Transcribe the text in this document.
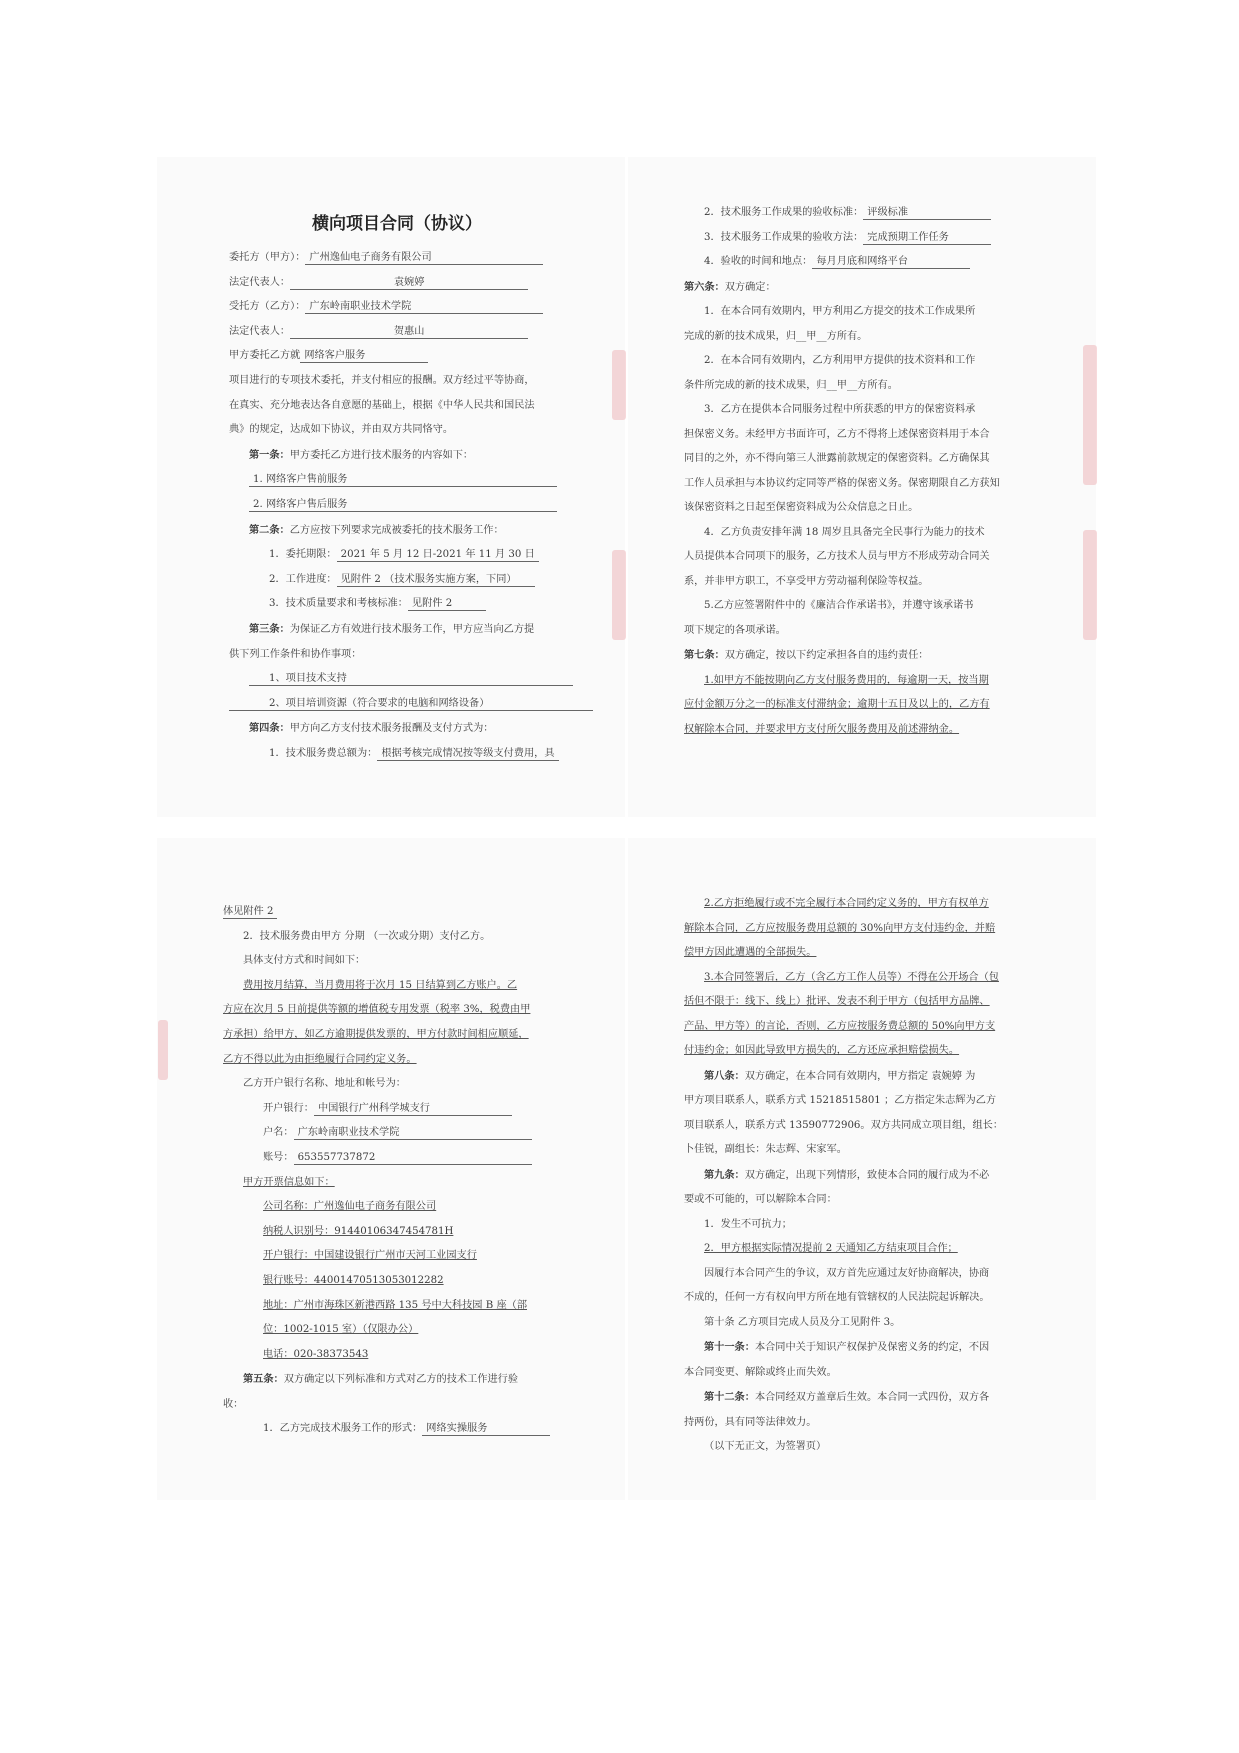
横向项目合同（协议）
委托方（甲方）： 广州逸仙电子商务有限公司
法定代表人：	袁婉婷
受托方（乙方）： 广东岭南职业技术学院
法定代表人：	贺惠山
甲方委托乙方就 网络客户服务
项目进行的专项技术委托，并支付相应的报酬。双方经过平等协商，
在真实、充分地表达各自意愿的基础上，根据《中华人民共和国民法
典》的规定，达成如下协议，并由双方共同恪守。
第一条：甲方委托乙方进行技术服务的内容如下：
1. 网络客户售前服务
2. 网络客户售后服务
第二条：乙方应按下列要求完成被委托的技术服务工作：
1．委托期限： 2021 年 5 月 12 日-2021 年 11 月 30 日
2．工作进度： 见附件 2 （技术服务实施方案，下同）
3．技术质量要求和考核标准： 见附件 2
第三条：为保证乙方有效进行技术服务工作，甲方应当向乙方提
供下列工作条件和协作事项：
1、项目技术支持
2、项目培训资源（符合要求的电脑和网络设备）
第四条：甲方向乙方支付技术服务报酬及支付方式为：
1．技术服务费总额为： 根据考核完成情况按等级支付费用，具
2．技术服务工作成果的验收标准： 评级标准
3．技术服务工作成果的验收方法： 完成预期工作任务
4．验收的时间和地点： 每月月底和网络平台
第六条：双方确定：
1．在本合同有效期内，甲方利用乙方提交的技术工作成果所
完成的新的技术成果，归__甲__方所有。
2．在本合同有效期内，乙方利用甲方提供的技术资料和工作
条件所完成的新的技术成果，归__甲__方所有。
3．乙方在提供本合同服务过程中所获悉的甲方的保密资料承
担保密义务。未经甲方书面许可，乙方不得将上述保密资料用于本合
同目的之外，亦不得向第三人泄露前款规定的保密资料。乙方确保其
工作人员承担与本协议约定同等严格的保密义务。保密期限自乙方获知
该保密资料之日起至保密资料成为公众信息之日止。
4．乙方负责安排年满 18 周岁且具备完全民事行为能力的技术
人员提供本合同项下的服务，乙方技术人员与甲方不形成劳动合同关
系，并非甲方职工，不享受甲方劳动福利保险等权益。
5.乙方应签署附件中的《廉洁合作承诺书》，并遵守该承诺书
项下规定的各项承诺。
第七条：双方确定，按以下约定承担各自的违约责任：
1.如甲方不能按期向乙方支付服务费用的，每逾期一天，按当期
应付金额万分之一的标准支付滞纳金；逾期十五日及以上的，乙方有
权解除本合同，并要求甲方支付所欠服务费用及前述滞纳金。
体见附件 2
2．技术服务费由甲方 分期 （一次或分期）支付乙方。
具体支付方式和时间如下：
费用按月结算，当月费用将于次月 15 日结算到乙方账户。乙
方应在次月 5 日前提供等额的增值税专用发票（税率 3%，税费由甲
方承担）给甲方，如乙方逾期提供发票的，甲方付款时间相应顺延，
乙方不得以此为由拒绝履行合同约定义务。
乙方开户银行名称、地址和帐号为：
开户银行： 中国银行广州科学城支行
户名： 广东岭南职业技术学院
账号： 653557737872
甲方开票信息如下：
公司名称：广州逸仙电子商务有限公司
纳税人识别号：91440106347454781H
开户银行：中国建设银行广州市天河工业园支行
银行账号：44001470513053012282
地址：广州市海珠区新港西路 135 号中大科技园 B 座（部
位：1002-1015 室）（仅限办公）
电话：020-38373543
第五条：双方确定以下列标准和方式对乙方的技术工作进行验
收：
1．乙方完成技术服务工作的形式： 网络实操服务
2.乙方拒绝履行或不完全履行本合同约定义务的，甲方有权单方
解除本合同，乙方应按服务费用总额的 30%向甲方支付违约金，并赔
偿甲方因此遭遇的全部损失。
3.本合同签署后，乙方（含乙方工作人员等）不得在公开场合（包
括但不限于：线下、线上）批评、发表不利于甲方（包括甲方品牌、
产品、甲方等）的言论，否则，乙方应按服务费总额的 50%向甲方支
付违约金；如因此导致甲方损失的，乙方还应承担赔偿损失。
第八条：双方确定，在本合同有效期内，甲方指定 袁婉婷 为
甲方项目联系人，联系方式 15218515801 ；乙方指定朱志辉为乙方
项目联系人，联系方式 13590772906。双方共同成立项目组，组长：
卜佳锐，副组长：朱志辉、宋家军。
第九条：双方确定，出现下列情形，致使本合同的履行成为不必
要或不可能的，可以解除本合同：
1．发生不可抗力；
2．甲方根据实际情况提前 2 天通知乙方结束项目合作；
因履行本合同产生的争议，双方首先应通过友好协商解决，协商
不成的，任何一方有权向甲方所在地有管辖权的人民法院起诉解决。
第十条 乙方项目完成人员及分工见附件 3。
第十一条：本合同中关于知识产权保护及保密义务的约定，不因
本合同变更、解除或终止而失效。
第十二条：本合同经双方盖章后生效。本合同一式四份，双方各
持两份，具有同等法律效力。
（以下无正文，为签署页）
